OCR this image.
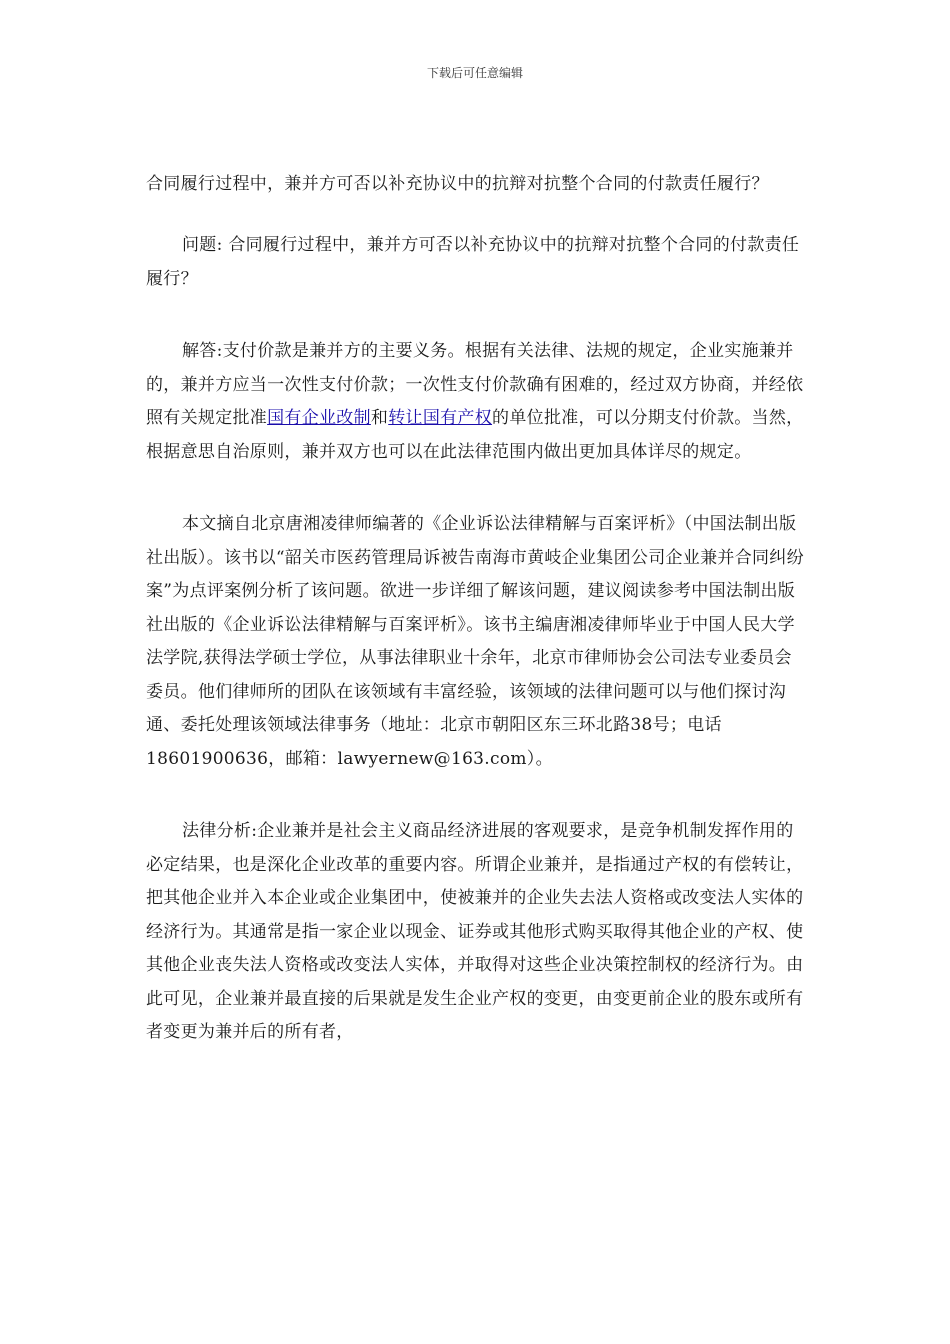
下载后可任意编辑

合同履行过程中，兼并方可否以补充协议中的抗辩对抗整个合同的付款责任履行？

问题: 合同履行过程中，兼并方可否以补充协议中的抗辩对抗整个合同的付款责任履行？

解答:支付价款是兼并方的主要义务。根据有关法律、法规的规定，企业实施兼并的，兼并方应当一次性支付价款；一次性支付价款确有困难的，经过双方协商，并经依照有关规定批准国有企业改制和转让国有产权的单位批准，可以分期支付价款。当然，根据意思自治原则，兼并双方也可以在此法律范围内做出更加具体详尽的规定。

本文摘自北京唐湘凌律师编著的《企业诉讼法律精解与百案评析》（中国法制出版社出版）。该书以“韶关市医药管理局诉被告南海市黄岐企业集团公司企业兼并合同纠纷案”为点评案例分析了该问题。欲进一步详细了解该问题，建议阅读参考中国法制出版社出版的《企业诉讼法律精解与百案评析》。该书主编唐湘凌律师毕业于中国人民大学法学院,获得法学硕士学位，从事法律职业十余年，北京市律师协会公司法专业委员会委员。他们律师所的团队在该领域有丰富经验，该领域的法律问题可以与他们探讨沟通、委托处理该领域法律事务（地址：北京市朝阳区东三环北路38号；电话18601900636，邮箱：lawyernew@163.com）。

法律分析:企业兼并是社会主义商品经济进展的客观要求，是竞争机制发挥作用的必定结果，也是深化企业改革的重要内容。所谓企业兼并，是指通过产权的有偿转让，把其他企业并入本企业或企业集团中，使被兼并的企业失去法人资格或改变法人实体的经济行为。其通常是指一家企业以现金、证券或其他形式购买取得其他企业的产权、使其他企业丧失法人资格或改变法人实体，并取得对这些企业决策控制权的经济行为。由此可见，企业兼并最直接的后果就是发生企业产权的变更，由变更前企业的股东或所有者变更为兼并后的所有者，
